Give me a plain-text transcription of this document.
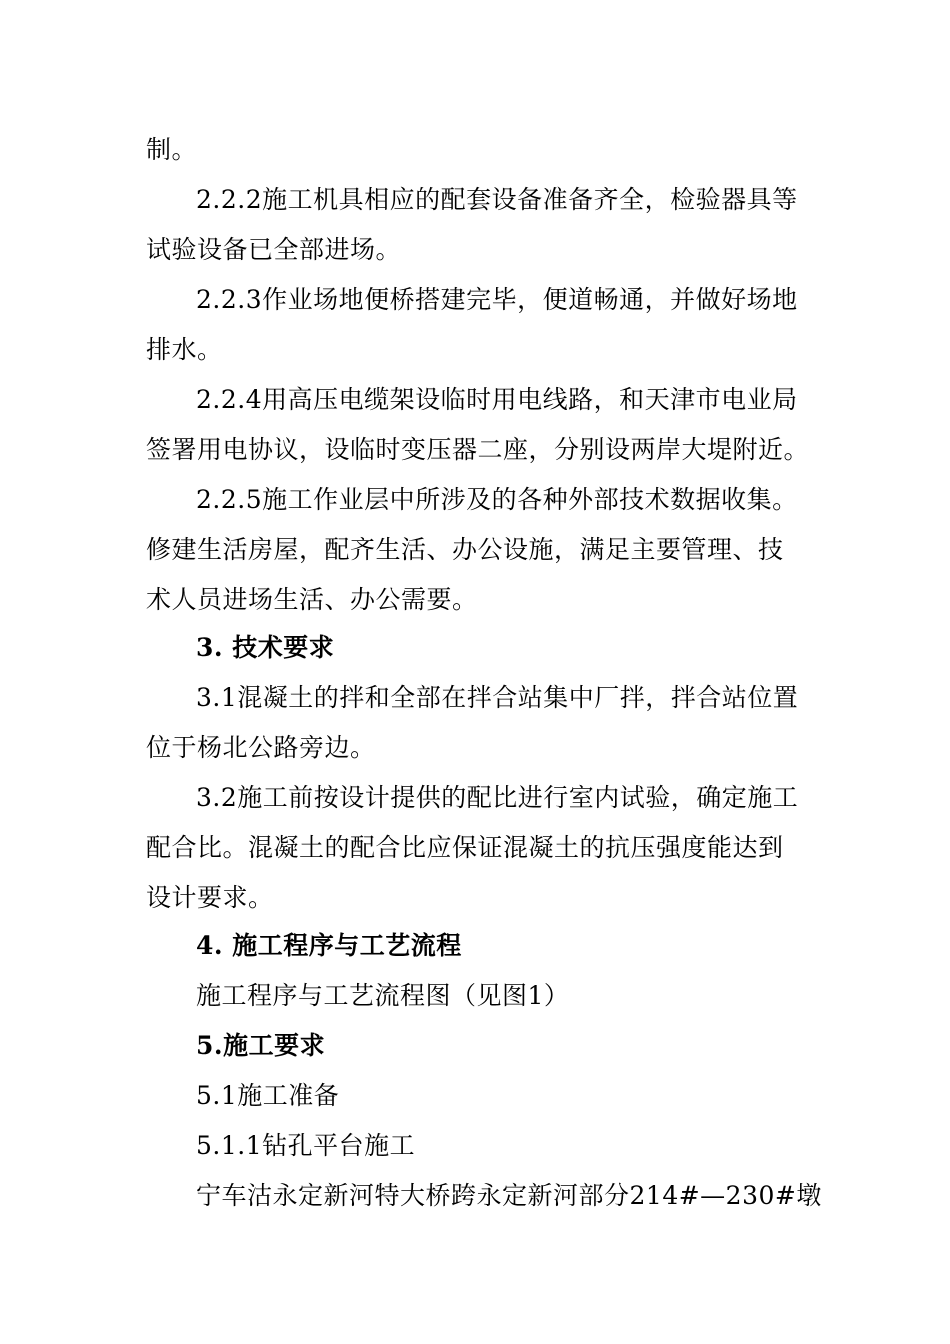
制。
2.2.2施工机具相应的配套设备准备齐全，检验器具等
试验设备已全部进场。
2.2.3作业场地便桥搭建完毕，便道畅通，并做好场地
排水。
2.2.4用高压电缆架设临时用电线路，和天津市电业局
签署用电协议，设临时变压器二座，分别设两岸大堤附近。
2.2.5施工作业层中所涉及的各种外部技术数据收集。
修建生活房屋，配齐生活、办公设施，满足主要管理、技
术人员进场生活、办公需要。
3. 技术要求
3.1混凝土的拌和全部在拌合站集中厂拌，拌合站位置
位于杨北公路旁边。
3.2施工前按设计提供的配比进行室内试验，确定施工
配合比。混凝土的配合比应保证混凝土的抗压强度能达到
设计要求。
4. 施工程序与工艺流程
施工程序与工艺流程图（见图1）
5.施工要求
5.1施工准备
5.1.1钻孔平台施工
宁车沽永定新河特大桥跨永定新河部分214#—230#墩
